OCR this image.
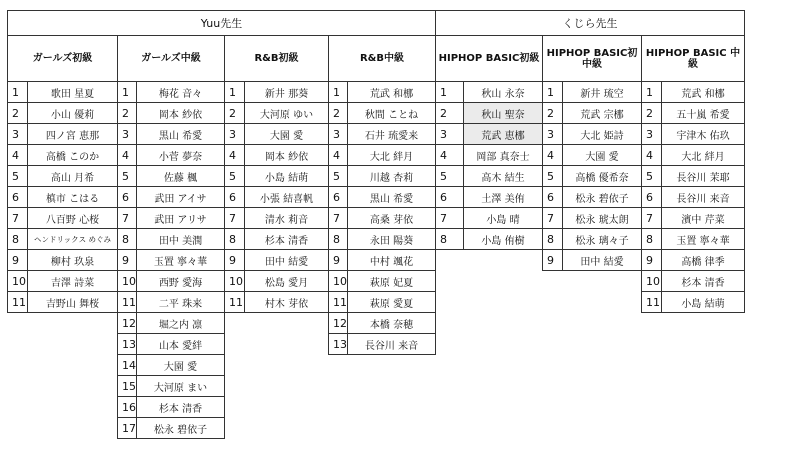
Yuu先生	くじら先生
ガールズ初級
1	歌田 星夏
2	小山 優莉
3	四ノ宮 恵那
4	高橋 このか
5	高山 月希
6	槙市 こはる
7	八百野 心桜
8	ヘンドリックス めぐみ
9	柳村 玖泉
10	吉澤 詩菜
11	吉野山 舞桜
ガールズ中級
1	梅花 音々
2	岡本 紗依
3	黒山 希愛
4	小菅 夢奈
5	佐藤 楓
6	武田 アイサ
7	武田 アリサ
8	田中 美潤
9	玉置 寧々華
10	西野 愛海
11	二平 珠来
12	堀之内 凛
13	山本 愛絆
14	大園 愛
15	大河原 まい
16	杉本 清香
17	松永 碧依子
R&B初級
1	新井 那葵
2	大河原 ゆい
3	大園 愛
4	岡本 紗依
5	小島 結萌
6	小張 結喜帆
7	清水 莉音
8	杉本 清香
9	田中 結愛
10	松島 愛月
11	村木 芽依
R&B中級
1	荒武 和梛
2	秋間 ことね
3	石井 琉愛来
4	大北 絆月
5	川越 杏莉
6	黒山 希愛
7	高桑 芽依
8	永田 陽葵
9	中村 颯花
10	萩原 妃夏
11	萩原 愛夏
12	本橋 奈穂
13	長谷川 来音
HIPHOP BASIC初級
1	秋山 永奈
2	秋山 聖奈
3	荒武 恵梛
4	岡部 真奈士
5	高木 結生
6	土澤 美侑
7	小島 晴
8	小島 侑樹
HIPHOP BASIC初中級
1	新井 琉空
2	荒武 宗梛
3	大北 姫詩
4	大園 愛
5	高橋 優希奈
6	松永 碧依子
7	松永 琥太朗
8	松永 璃々子
9	田中 結愛
HIPHOP BASIC 中級
1	荒武 和梛
2	五十嵐 希愛
3	宇津木 佑玖
4	大北 絆月
5	長谷川 茉耶
6	長谷川 来音
7	濱中 芹菜
8	玉置 寧々華
9	高橋 律季
10	杉本 清香
11	小島 結萌
